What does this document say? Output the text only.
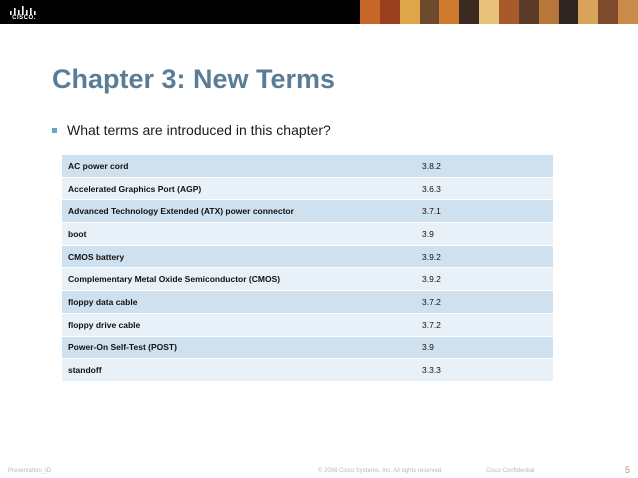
CISCO.
Chapter 3: New Terms
What terms are introduced in this chapter?
AC power cord	3.8.2
Accelerated Graphics Port (AGP)	3.6.3
Advanced Technology Extended (ATX) power connector	3.7.1
boot	3.9
CMOS battery	3.9.2
Complementary Metal Oxide Semiconductor (CMOS)	3.9.2
floppy data cable	3.7.2
floppy drive cable	3.7.2
Power-On Self-Test (POST)	3.9
standoff	3.3.3
Presentation_ID	© 2008 Cisco Systems, Inc. All rights reserved.	Cisco Confidential	5
